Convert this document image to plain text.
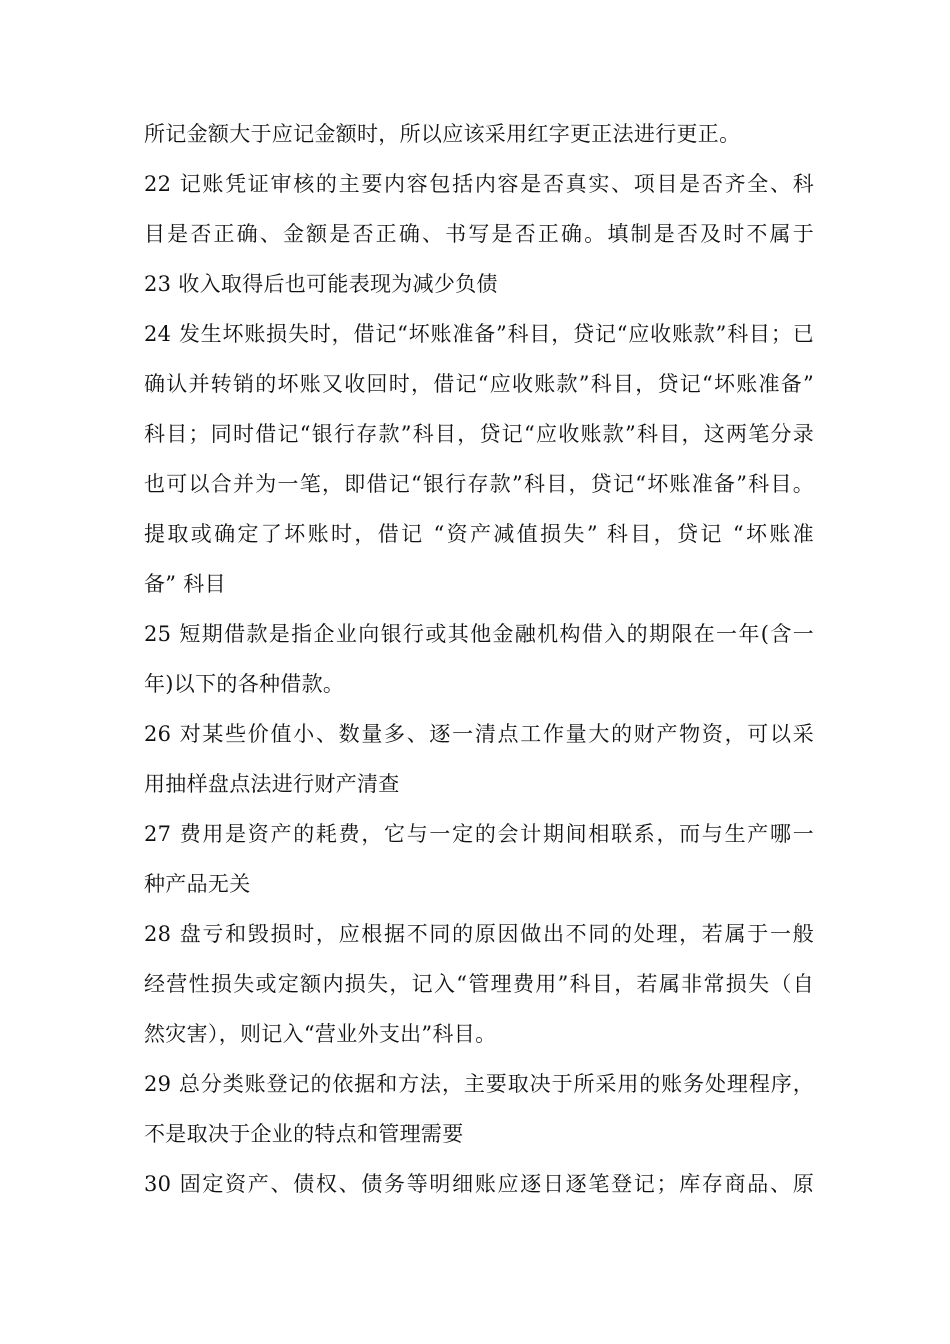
所记金额大于应记金额时，所以应该采用红字更正法进行更正。
22 记账凭证审核的主要内容包括内容是否真实、项目是否齐全、科
目是否正确、金额是否正确、书写是否正确。填制是否及时不属于
23 收入取得后也可能表现为减少负债
24 发生坏账损失时，借记“坏账准备”科目，贷记“应收账款”科目；已
确认并转销的坏账又收回时，借记“应收账款”科目，贷记“坏账准备”
科目；同时借记“银行存款”科目，贷记“应收账款”科目，这两笔分录
也可以合并为一笔，即借记“银行存款”科目，贷记“坏账准备”科目。
提取或确定了坏账时，借记 “资产减值损失” 科目，贷记 “坏账准
备” 科目
25 短期借款是指企业向银行或其他金融机构借入的期限在一年(含一
年)以下的各种借款。
26 对某些价值小、数量多、逐一清点工作量大的财产物资，可以采
用抽样盘点法进行财产清查
27 费用是资产的耗费，它与一定的会计期间相联系，而与生产哪一
种产品无关
28 盘亏和毁损时，应根据不同的原因做出不同的处理，若属于一般
经营性损失或定额内损失，记入“管理费用”科目，若属非常损失（自
然灾害），则记入“营业外支出”科目。
29 总分类账登记的依据和方法，主要取决于所采用的账务处理程序，
不是取决于企业的特点和管理需要
30 固定资产、债权、债务等明细账应逐日逐笔登记；库存商品、原
